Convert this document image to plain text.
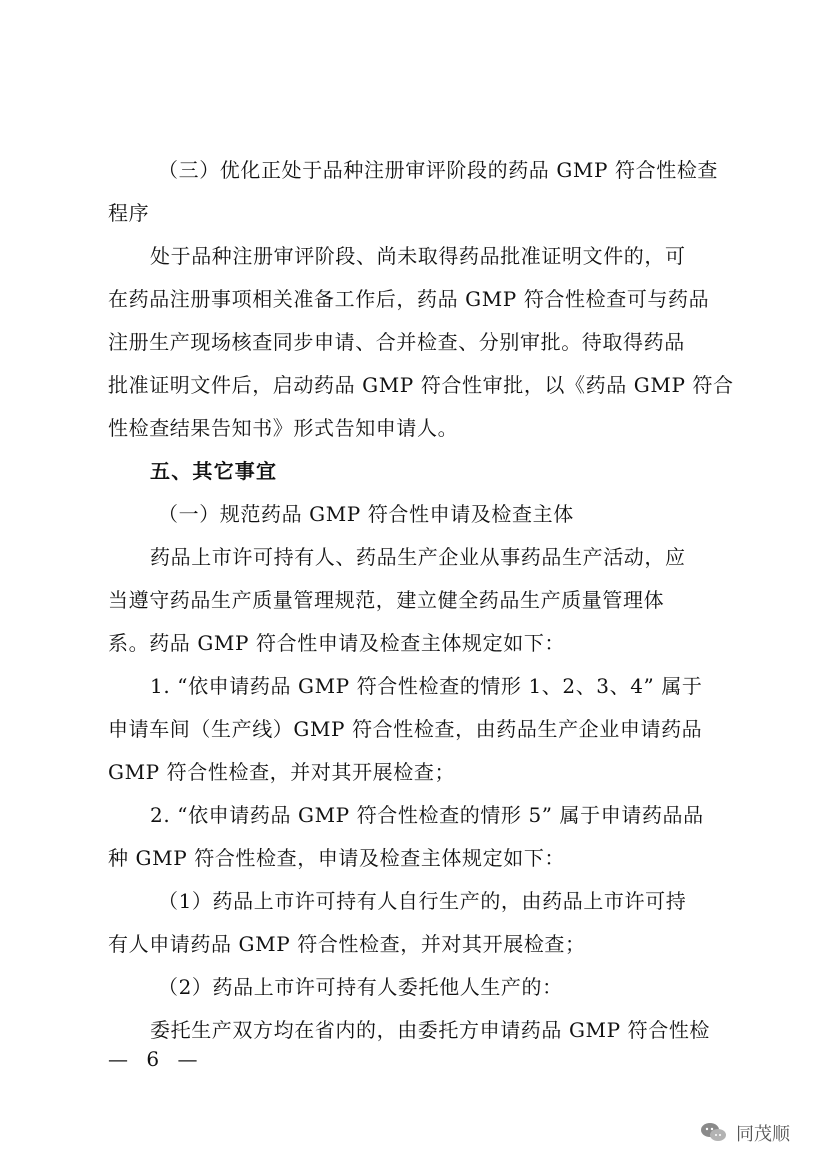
（三）优化正处于品种注册审评阶段的药品 GMP 符合性检查
程序
处于品种注册审评阶段、尚未取得药品批准证明文件的，可
在药品注册事项相关准备工作后，药品 GMP 符合性检查可与药品
注册生产现场核查同步申请、合并检查、分别审批。待取得药品
批准证明文件后，启动药品 GMP 符合性审批，以《药品 GMP 符合
性检查结果告知书》形式告知申请人。
五、其它事宜
（一）规范药品 GMP 符合性申请及检查主体
药品上市许可持有人、药品生产企业从事药品生产活动，应
当遵守药品生产质量管理规范，建立健全药品生产质量管理体
系。药品 GMP 符合性申请及检查主体规定如下：
1. “依申请药品 GMP 符合性检查的情形 1、2、3、4” 属于
申请车间（生产线）GMP 符合性检查，由药品生产企业申请药品
GMP 符合性检查，并对其开展检查；
2. “依申请药品 GMP 符合性检查的情形 5” 属于申请药品品
种 GMP 符合性检查，申请及检查主体规定如下：
（1）药品上市许可持有人自行生产的，由药品上市许可持
有人申请药品 GMP 符合性检查，并对其开展检查；
（2）药品上市许可持有人委托他人生产的：
委托生产双方均在省内的，由委托方申请药品 GMP 符合性检
— 6 —
同茂顺
